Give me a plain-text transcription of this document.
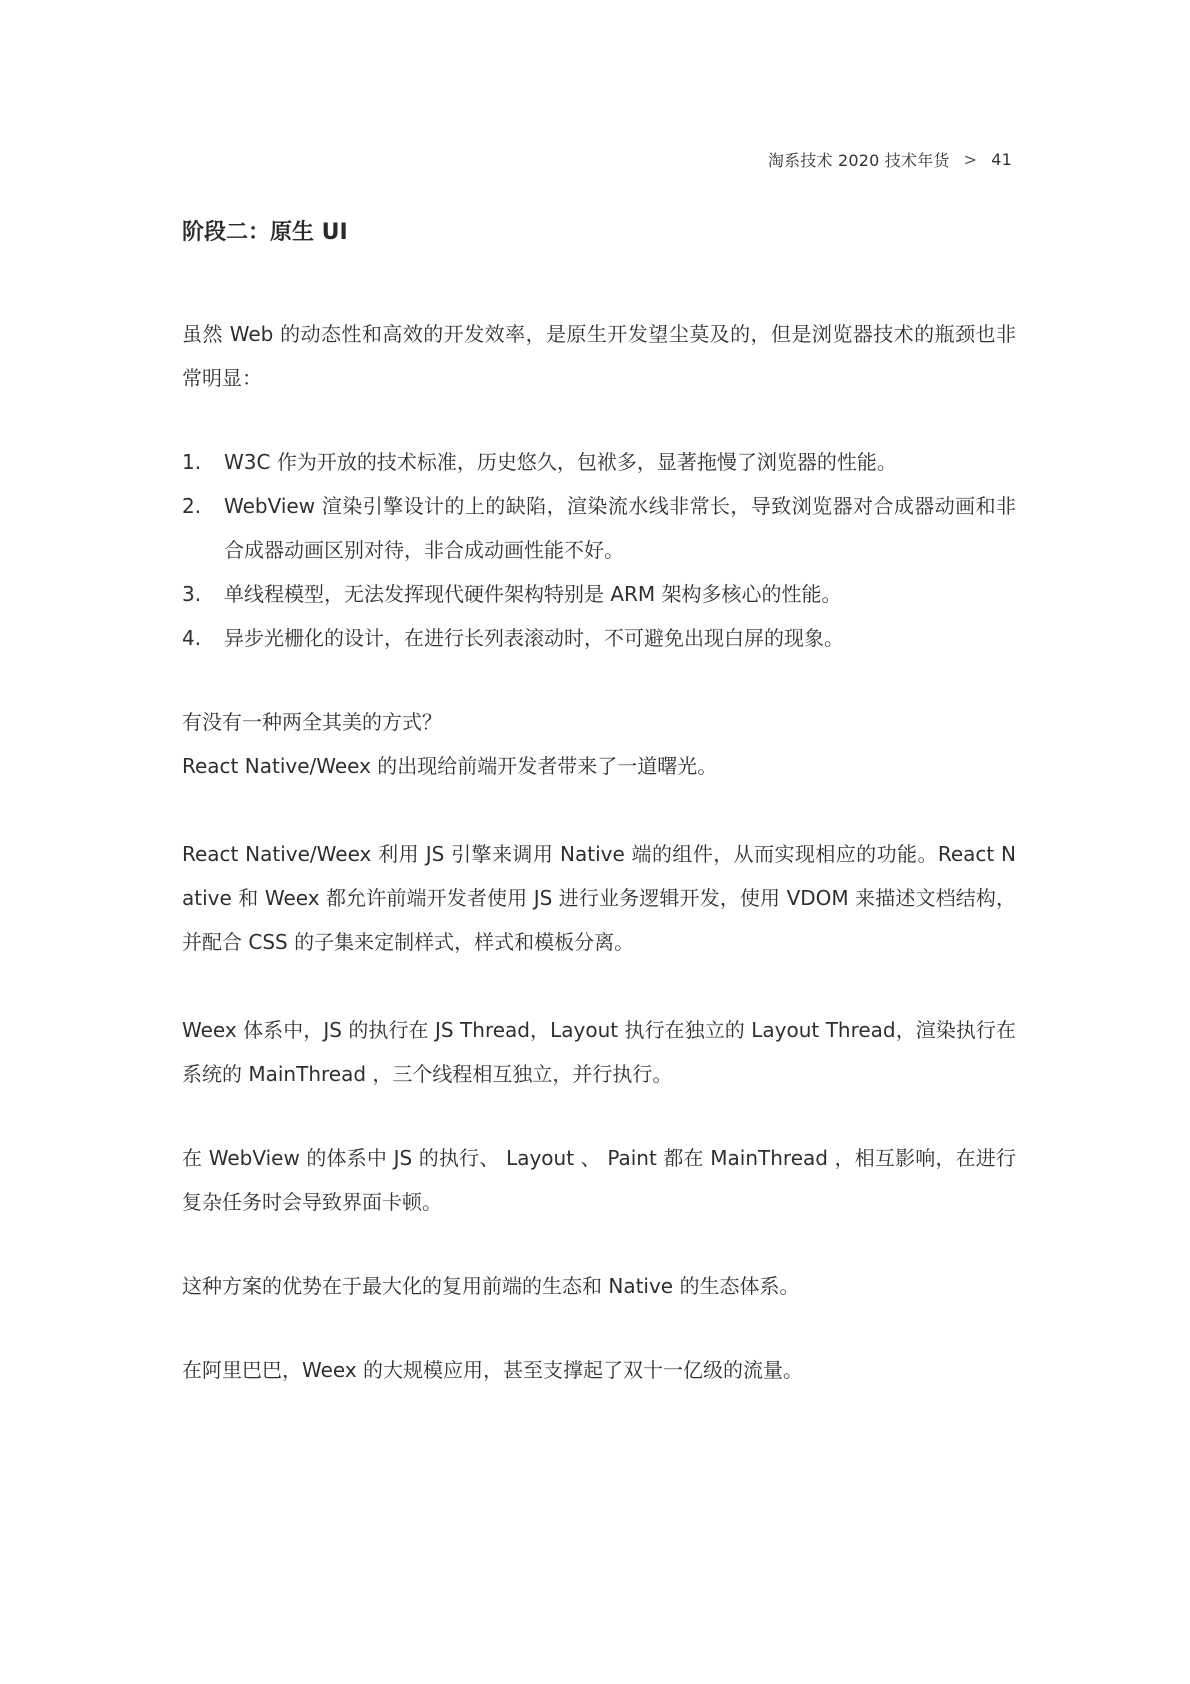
淘系技术 2020 技术年货 > 41
阶段二：原生 UI

虽然 Web 的动态性和高效的开发效率，是原生开发望尘莫及的，但是浏览器技术的瓶颈也非常明显：

1.	W3C 作为开放的技术标准，历史悠久，包袱多，显著拖慢了浏览器的性能。
2.	WebView 渲染引擎设计的上的缺陷，渲染流水线非常长，导致浏览器对合成器动画和非合成器动画区别对待，非合成动画性能不好。
3.	单线程模型，无法发挥现代硬件架构特别是 ARM 架构多核心的性能。
4.	异步光栅化的设计，在进行长列表滚动时，不可避免出现白屏的现象。

有没有一种两全其美的方式？

React Native/Weex 的出现给前端开发者带来了一道曙光。

React Native/Weex 利用 JS 引擎来调用 Native 端的组件，从而实现相应的功能。React Native 和 Weex 都允许前端开发者使用 JS 进行业务逻辑开发，使用 VDOM 来描述文档结构，并配合 CSS 的子集来定制样式，样式和模板分离。

Weex 体系中，JS 的执行在 JS Thread，Layout 执行在独立的 Layout Thread，渲染执行在系统的 MainThread ，三个线程相互独立，并行执行。

在 WebView 的体系中 JS 的执行、 Layout 、 Paint 都在 MainThread ，相互影响，在进行复杂任务时会导致界面卡顿。

这种方案的优势在于最大化的复用前端的生态和 Native 的生态体系。

在阿里巴巴，Weex 的大规模应用，甚至支撑起了双十一亿级的流量。
